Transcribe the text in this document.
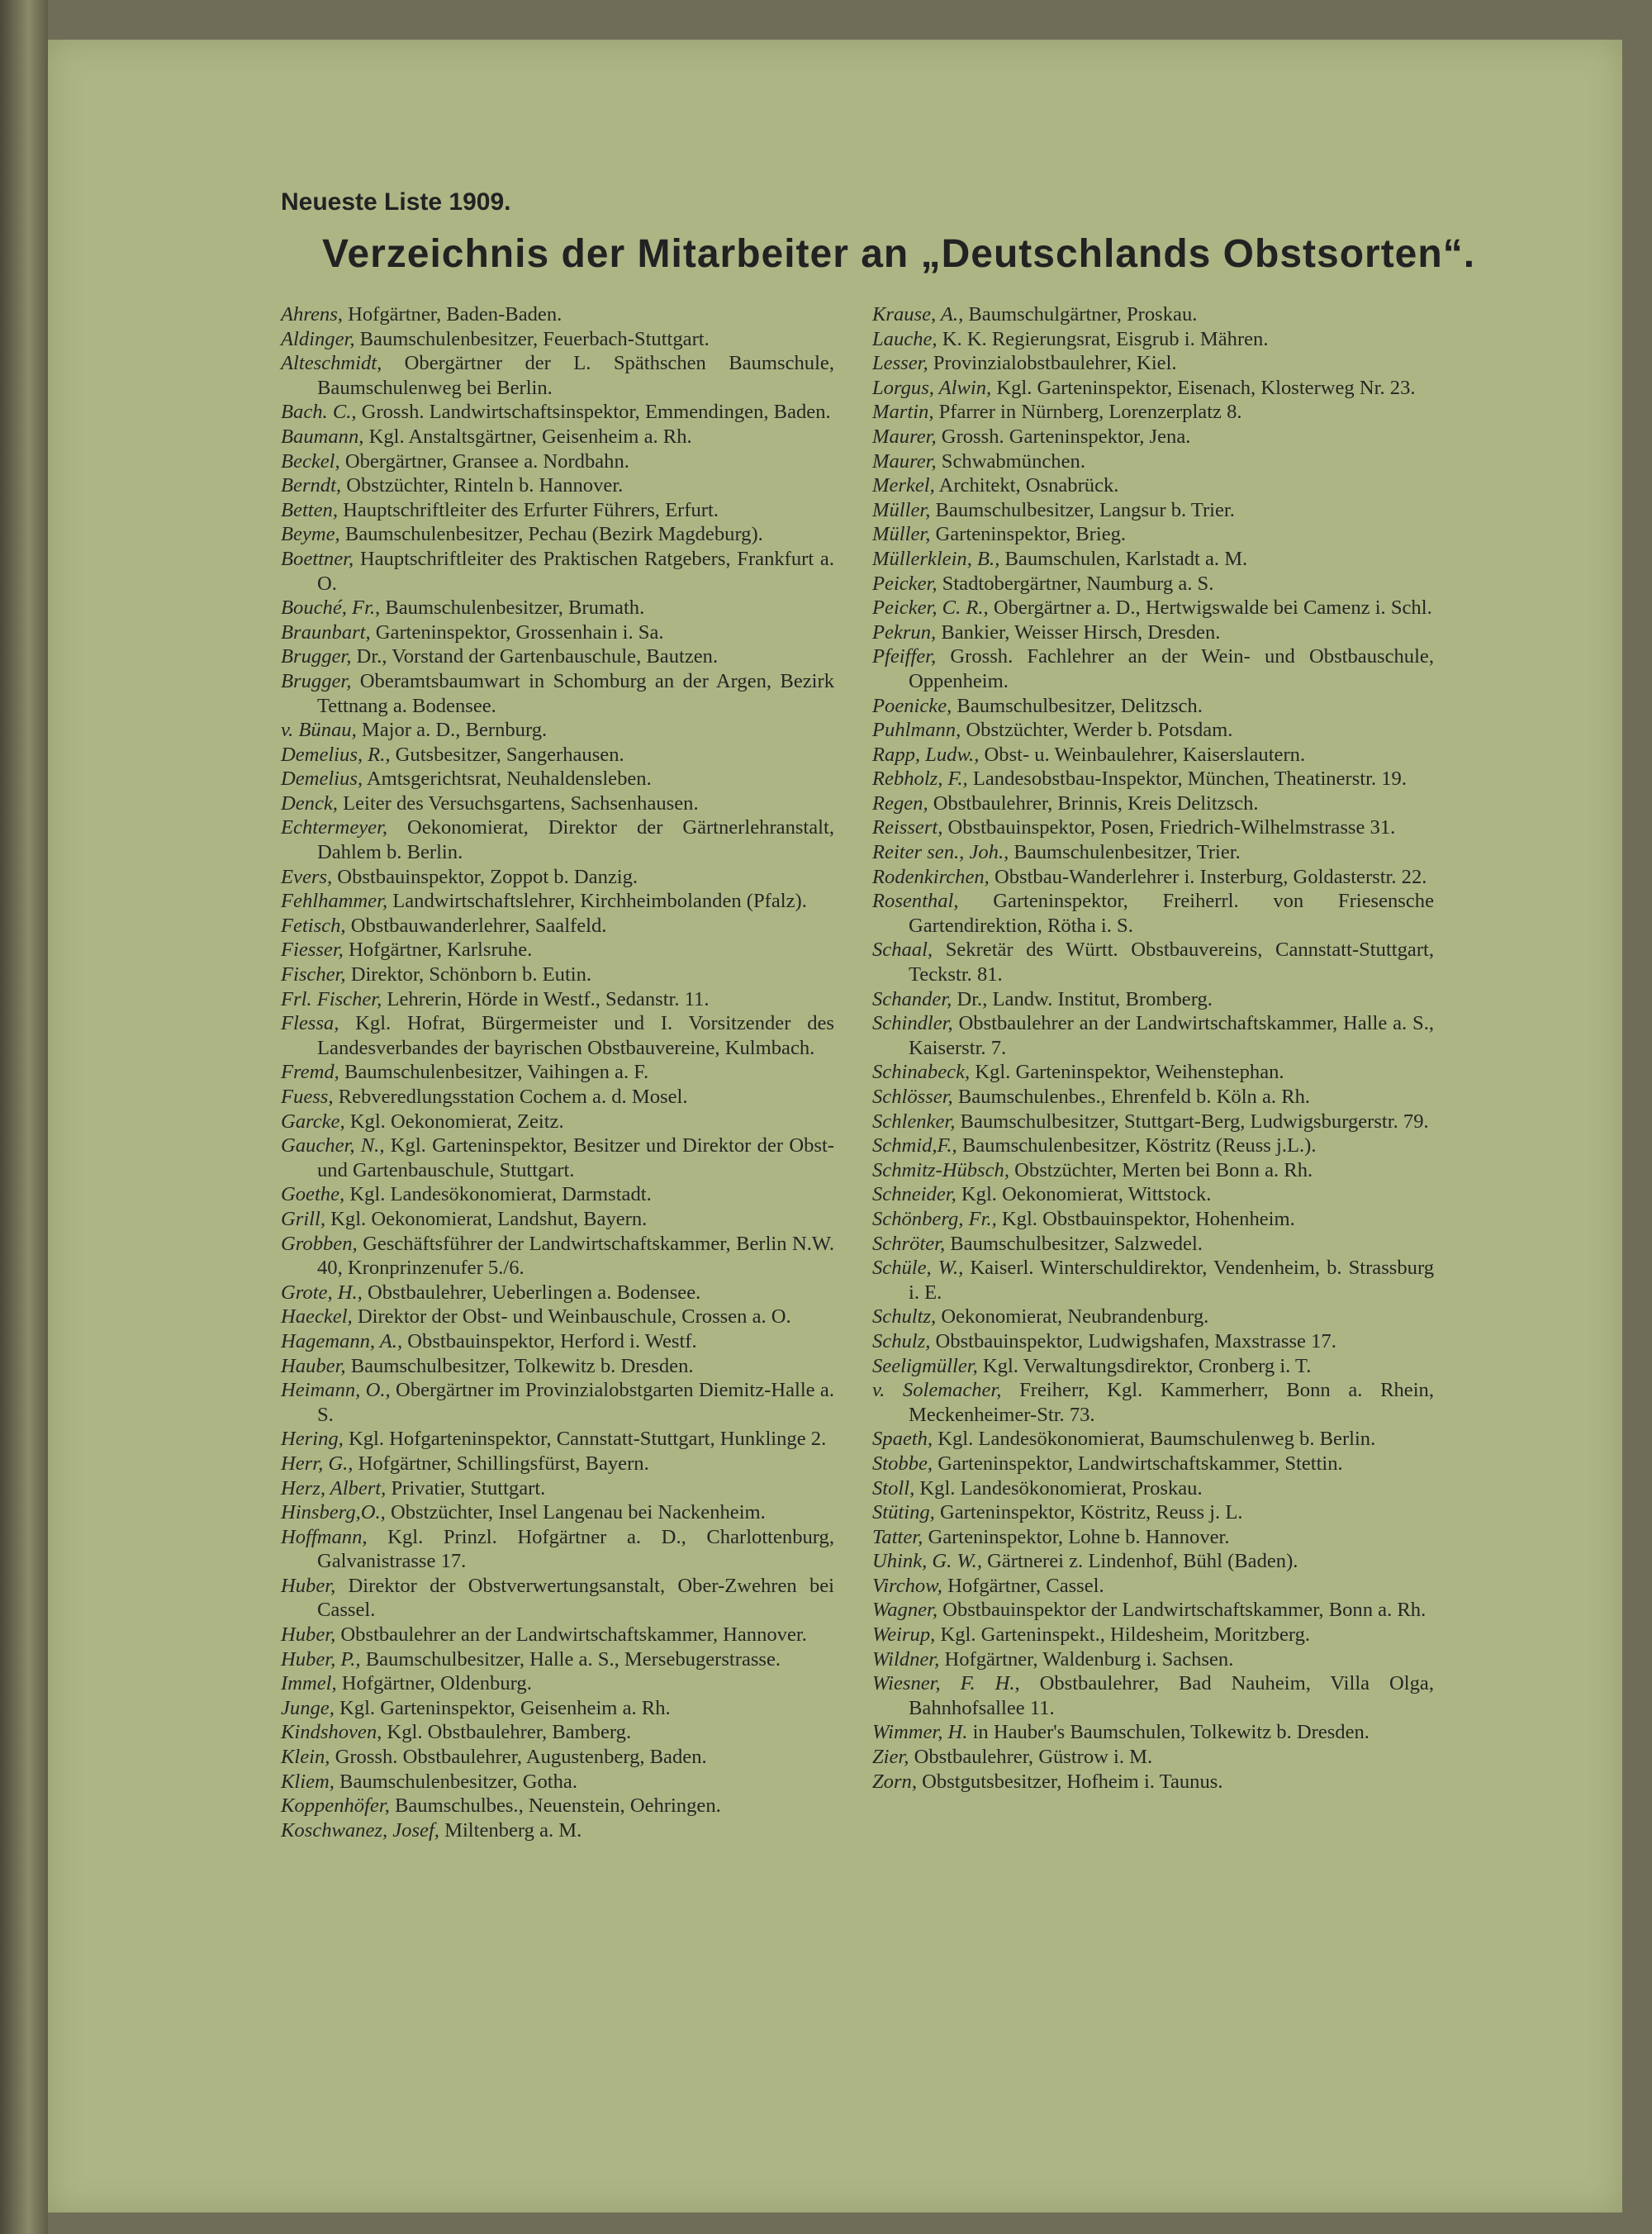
Neueste Liste 1909.
Verzeichnis der Mitarbeiter an „Deutschlands Obstsorten“.

Ahrens, Hofgärtner, Baden-Baden.

Aldinger, Baumschulenbesitzer, Feuerbach-Stuttgart.

Alteschmidt, Obergärtner der L. Späthschen Baumschule, Baumschulenweg bei Berlin.

Bach. C., Grossh. Landwirtschaftsinspektor, Emmendingen, Baden.

Baumann, Kgl. Anstaltsgärtner, Geisenheim a. Rh.

Beckel, Obergärtner, Gransee a. Nordbahn.

Berndt, Obstzüchter, Rinteln b. Hannover.

Betten, Hauptschriftleiter des Erfurter Führers, Erfurt.

Beyme, Baumschulenbesitzer, Pechau (Bezirk Magdeburg).

Boettner, Hauptschriftleiter des Praktischen Ratgebers, Frankfurt a. O.

Bouché, Fr., Baumschulenbesitzer, Brumath.

Braunbart, Garteninspektor, Grossenhain i. Sa.

Brugger, Dr., Vorstand der Gartenbauschule, Bautzen.

Brugger, Oberamtsbaumwart in Schomburg an der Argen, Bezirk Tettnang a. Bodensee.

v. Bünau, Major a. D., Bernburg.

Demelius, R., Gutsbesitzer, Sangerhausen.

Demelius, Amtsgerichtsrat, Neuhaldensleben.

Denck, Leiter des Versuchsgartens, Sachsenhausen.

Echtermeyer, Oekonomierat, Direktor der Gärtnerlehranstalt, Dahlem b. Berlin.

Evers, Obstbauinspektor, Zoppot b. Danzig.

Fehlhammer, Landwirtschaftslehrer, Kirchheimbolanden (Pfalz).

Fetisch, Obstbauwanderlehrer, Saalfeld.

Fiesser, Hofgärtner, Karlsruhe.

Fischer, Direktor, Schönborn b. Eutin.

Frl. Fischer, Lehrerin, Hörde in Westf., Sedanstr. 11.

Flessa, Kgl. Hofrat, Bürgermeister und I. Vorsitzender des Landesverbandes der bayrischen Obstbauvereine, Kulmbach.

Fremd, Baumschulenbesitzer, Vaihingen a. F.

Fuess, Rebveredlungsstation Cochem a. d. Mosel.

Garcke, Kgl. Oekonomierat, Zeitz.

Gaucher, N., Kgl. Garteninspektor, Besitzer und Direktor der Obst- und Gartenbauschule, Stuttgart.

Goethe, Kgl. Landesökonomierat, Darmstadt.

Grill, Kgl. Oekonomierat, Landshut, Bayern.

Grobben, Geschäftsführer der Landwirtschaftskammer, Berlin N.W. 40, Kronprinzenufer 5./6.

Grote, H., Obstbaulehrer, Ueberlingen a. Bodensee.

Haeckel, Direktor der Obst- und Weinbauschule, Crossen a. O.

Hagemann, A., Obstbauinspektor, Herford i. Westf.

Hauber, Baumschulbesitzer, Tolkewitz b. Dresden.

Heimann, O., Obergärtner im Provinzialobstgarten Diemitz-Halle a. S.

Hering, Kgl. Hofgarteninspektor, Cannstatt-Stuttgart, Hunklinge 2.

Herr, G., Hofgärtner, Schillingsfürst, Bayern.

Herz, Albert, Privatier, Stuttgart.

Hinsberg,O., Obstzüchter, Insel Langenau bei Nackenheim.

Hoffmann, Kgl. Prinzl. Hofgärtner a. D., Charlottenburg, Galvanistrasse 17.

Huber, Direktor der Obstverwertungsanstalt, Ober-Zwehren bei Cassel.

Huber, Obstbaulehrer an der Landwirtschaftskammer, Hannover.

Huber, P., Baumschulbesitzer, Halle a. S., Mersebugerstrasse.

Immel, Hofgärtner, Oldenburg.

Junge, Kgl. Garteninspektor, Geisenheim a. Rh.

Kindshoven, Kgl. Obstbaulehrer, Bamberg.

Klein, Grossh. Obstbaulehrer, Augustenberg, Baden.

Kliem, Baumschulenbesitzer, Gotha.

Koppenhöfer, Baumschulbes., Neuenstein, Oehringen.

Koschwanez, Josef, Miltenberg a. M.

Krause, A., Baumschulgärtner, Proskau.

Lauche, K. K. Regierungsrat, Eisgrub i. Mähren.

Lesser, Provinzialobstbaulehrer, Kiel.

Lorgus, Alwin, Kgl. Garteninspektor, Eisenach, Klosterweg Nr. 23.

Martin, Pfarrer in Nürnberg, Lorenzerplatz 8.

Maurer, Grossh. Garteninspektor, Jena.

Maurer, Schwabmünchen.

Merkel, Architekt, Osnabrück.

Müller, Baumschulbesitzer, Langsur b. Trier.

Müller, Garteninspektor, Brieg.

Müllerklein, B., Baumschulen, Karlstadt a. M.

Peicker, Stadtobergärtner, Naumburg a. S.

Peicker, C. R., Obergärtner a. D., Hertwigswalde bei Camenz i. Schl.

Pekrun, Bankier, Weisser Hirsch, Dresden.

Pfeiffer, Grossh. Fachlehrer an der Wein- und Obstbauschule, Oppenheim.

Poenicke, Baumschulbesitzer, Delitzsch.

Puhlmann, Obstzüchter, Werder b. Potsdam.

Rapp, Ludw., Obst- u. Weinbaulehrer, Kaiserslautern.

Rebholz, F., Landesobstbau-Inspektor, München, Theatinerstr. 19.

Regen, Obstbaulehrer, Brinnis, Kreis Delitzsch.

Reissert, Obstbauinspektor, Posen, Friedrich-Wilhelmstrasse 31.

Reiter sen., Joh., Baumschulenbesitzer, Trier.

Rodenkirchen, Obstbau-Wanderlehrer i. Insterburg, Goldasterstr. 22.

Rosenthal, Garteninspektor, Freiherrl. von Friesensche Gartendirektion, Rötha i. S.

Schaal, Sekretär des Württ. Obstbauvereins, Cannstatt-Stuttgart, Teckstr. 81.

Schander, Dr., Landw. Institut, Bromberg.

Schindler, Obstbaulehrer an der Landwirtschaftskammer, Halle a. S., Kaiserstr. 7.

Schinabeck, Kgl. Garteninspektor, Weihenstephan.

Schlösser, Baumschulenbes., Ehrenfeld b. Köln a. Rh.

Schlenker, Baumschulbesitzer, Stuttgart-Berg, Ludwigsburgerstr. 79.

Schmid,F., Baumschulenbesitzer, Köstritz (Reuss j.L.).

Schmitz-Hübsch, Obstzüchter, Merten bei Bonn a. Rh.

Schneider, Kgl. Oekonomierat, Wittstock.

Schönberg, Fr., Kgl. Obstbauinspektor, Hohenheim.

Schröter, Baumschulbesitzer, Salzwedel.

Schüle, W., Kaiserl. Winterschuldirektor, Vendenheim, b. Strassburg i. E.

Schultz, Oekonomierat, Neubrandenburg.

Schulz, Obstbauinspektor, Ludwigshafen, Maxstrasse 17.

Seeligmüller, Kgl. Verwaltungsdirektor, Cronberg i. T.

v. Solemacher, Freiherr, Kgl. Kammerherr, Bonn a. Rhein, Meckenheimer-Str. 73.

Spaeth, Kgl. Landesökonomierat, Baumschulenweg b. Berlin.

Stobbe, Garteninspektor, Landwirtschaftskammer, Stettin.

Stoll, Kgl. Landesökonomierat, Proskau.

Stüting, Garteninspektor, Köstritz, Reuss j. L.

Tatter, Garteninspektor, Lohne b. Hannover.

Uhink, G. W., Gärtnerei z. Lindenhof, Bühl (Baden).

Virchow, Hofgärtner, Cassel.

Wagner, Obstbauinspektor der Landwirtschaftskammer, Bonn a. Rh.

Weirup, Kgl. Garteninspekt., Hildesheim, Moritzberg.

Wildner, Hofgärtner, Waldenburg i. Sachsen.

Wiesner, F. H., Obstbaulehrer, Bad Nauheim, Villa Olga, Bahnhofsallee 11.

Wimmer, H. in Hauber's Baumschulen, Tolkewitz b. Dresden.

Zier, Obstbaulehrer, Güstrow i. M.

Zorn, Obstgutsbesitzer, Hofheim i. Taunus.
